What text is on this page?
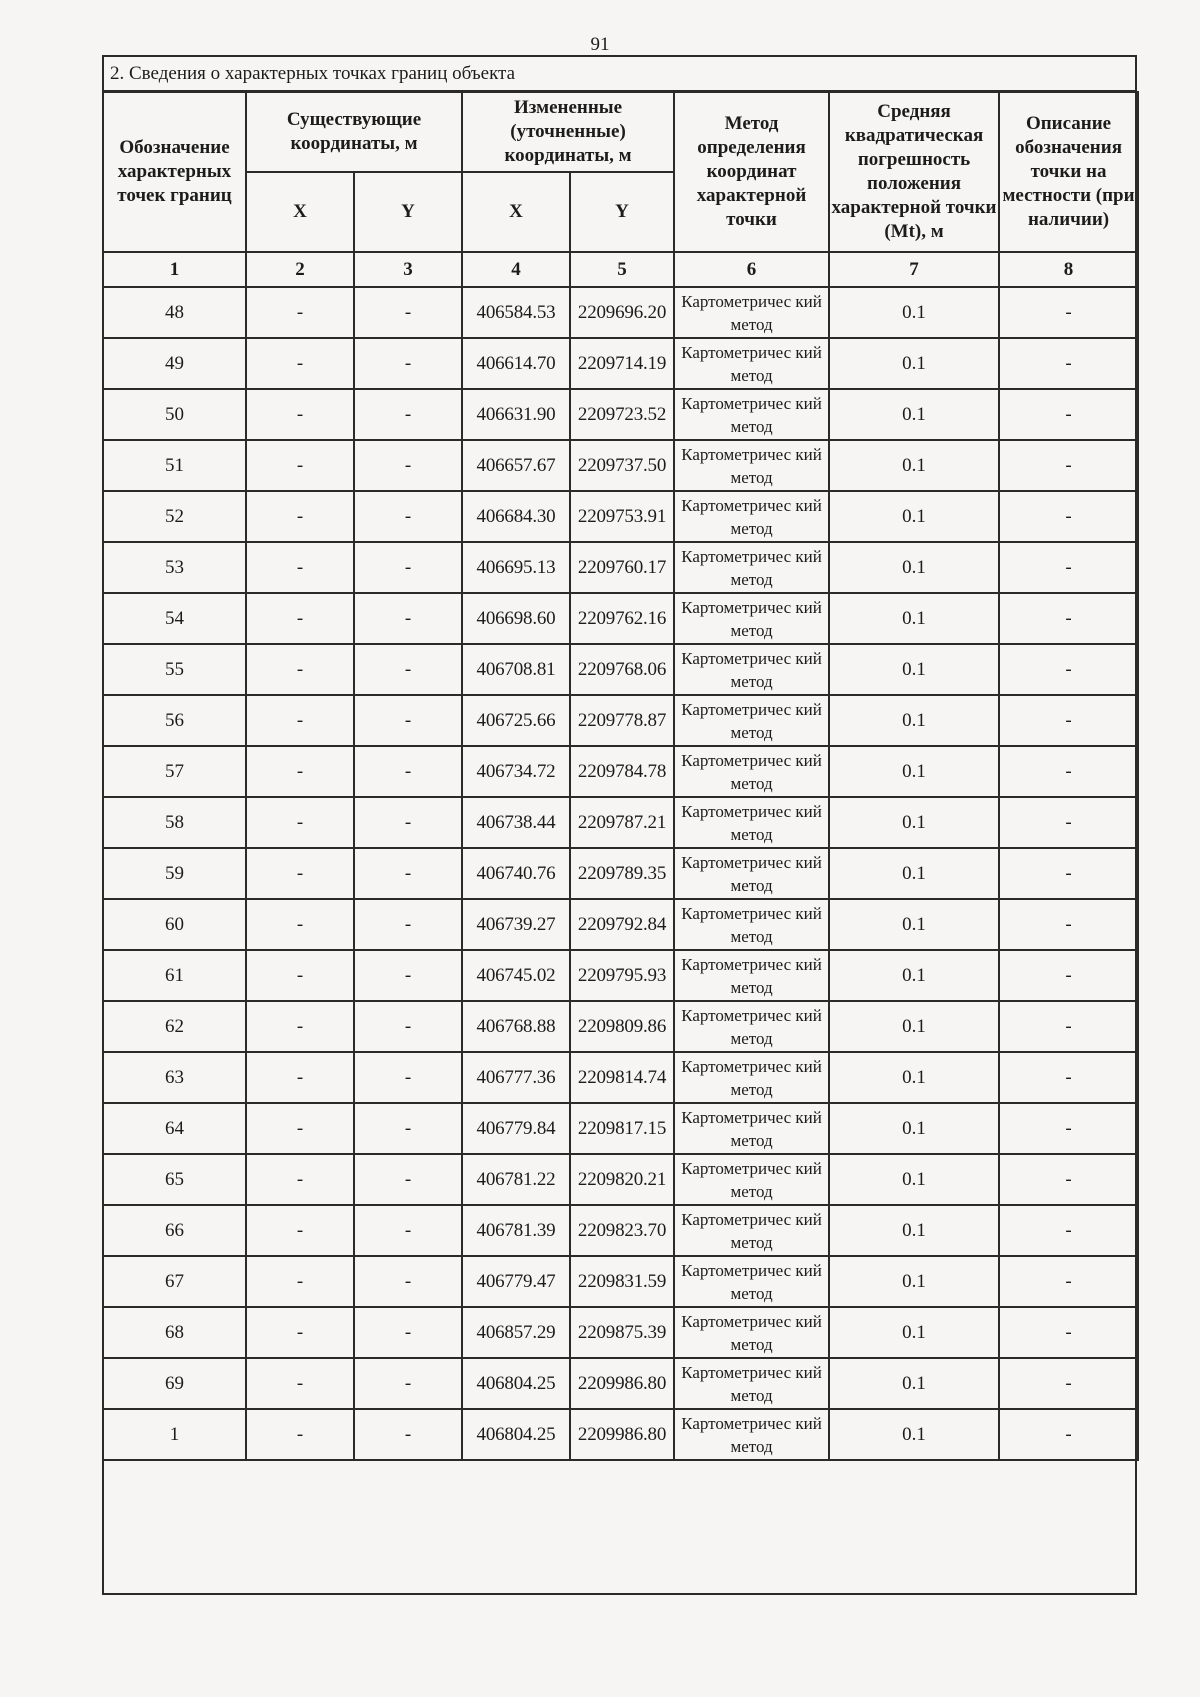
91
2. Сведения о характерных точках границ объекта
Обозначение характерных точек границ	Существующие координаты, м		Измененные (уточненные) координаты, м		Метод определения координат характерной точки	Средняя квадратическая погрешность положения характерной точки (Mt), м	Описание обозначения точки на местности (при наличии)
	X	Y	X	Y			
1	2	3	4	5	6	7	8
48	-	-	406584.53	2209696.20	Картометричес кий метод	0.1	-
49	-	-	406614.70	2209714.19	Картометричес кий метод	0.1	-
50	-	-	406631.90	2209723.52	Картометричес кий метод	0.1	-
51	-	-	406657.67	2209737.50	Картометричес кий метод	0.1	-
52	-	-	406684.30	2209753.91	Картометричес кий метод	0.1	-
53	-	-	406695.13	2209760.17	Картометричес кий метод	0.1	-
54	-	-	406698.60	2209762.16	Картометричес кий метод	0.1	-
55	-	-	406708.81	2209768.06	Картометричес кий метод	0.1	-
56	-	-	406725.66	2209778.87	Картометричес кий метод	0.1	-
57	-	-	406734.72	2209784.78	Картометричес кий метод	0.1	-
58	-	-	406738.44	2209787.21	Картометричес кий метод	0.1	-
59	-	-	406740.76	2209789.35	Картометричес кий метод	0.1	-
60	-	-	406739.27	2209792.84	Картометричес кий метод	0.1	-
61	-	-	406745.02	2209795.93	Картометричес кий метод	0.1	-
62	-	-	406768.88	2209809.86	Картометричес кий метод	0.1	-
63	-	-	406777.36	2209814.74	Картометричес кий метод	0.1	-
64	-	-	406779.84	2209817.15	Картометричес кий метод	0.1	-
65	-	-	406781.22	2209820.21	Картометричес кий метод	0.1	-
66	-	-	406781.39	2209823.70	Картометричес кий метод	0.1	-
67	-	-	406779.47	2209831.59	Картометричес кий метод	0.1	-
68	-	-	406857.29	2209875.39	Картометричес кий метод	0.1	-
69	-	-	406804.25	2209986.80	Картометричес кий метод	0.1	-
1	-	-	406804.25	2209986.80	Картометричес кий метод	0.1	-
